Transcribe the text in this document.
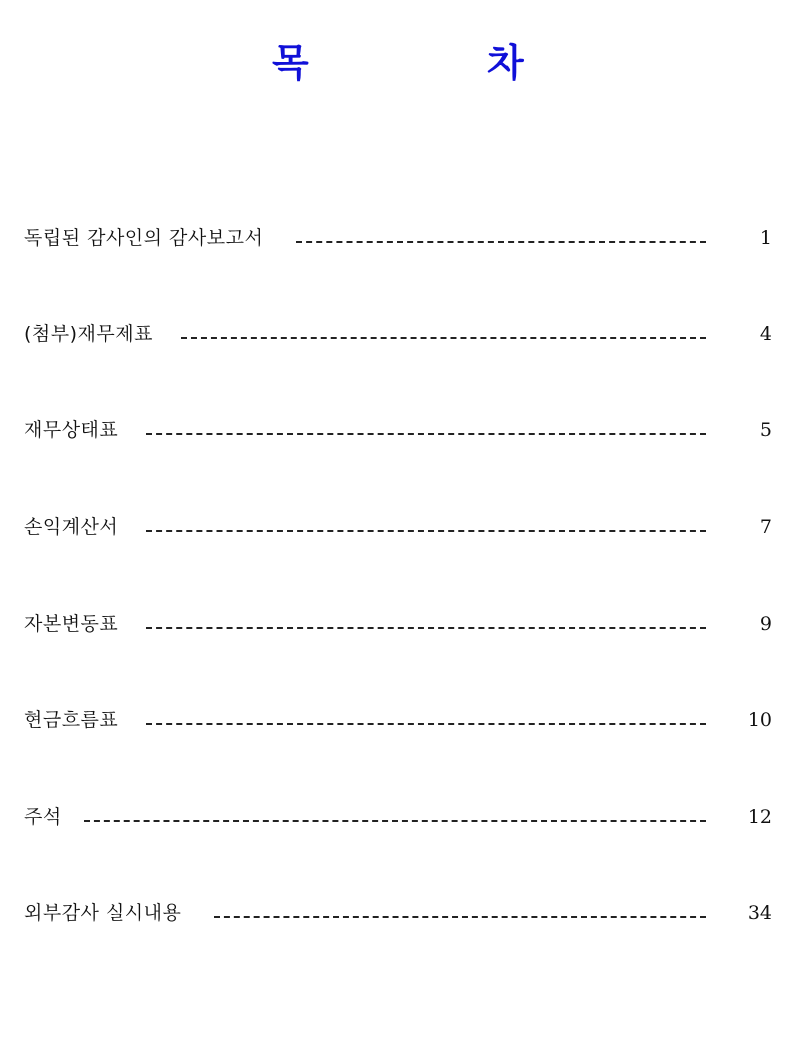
목	차
독립된 감사인의 감사보고서	1
(첨부)재무제표	4
재무상태표	5
손익계산서	7
자본변동표	9
현금흐름표	10
주석	12
외부감사 실시내용	34
